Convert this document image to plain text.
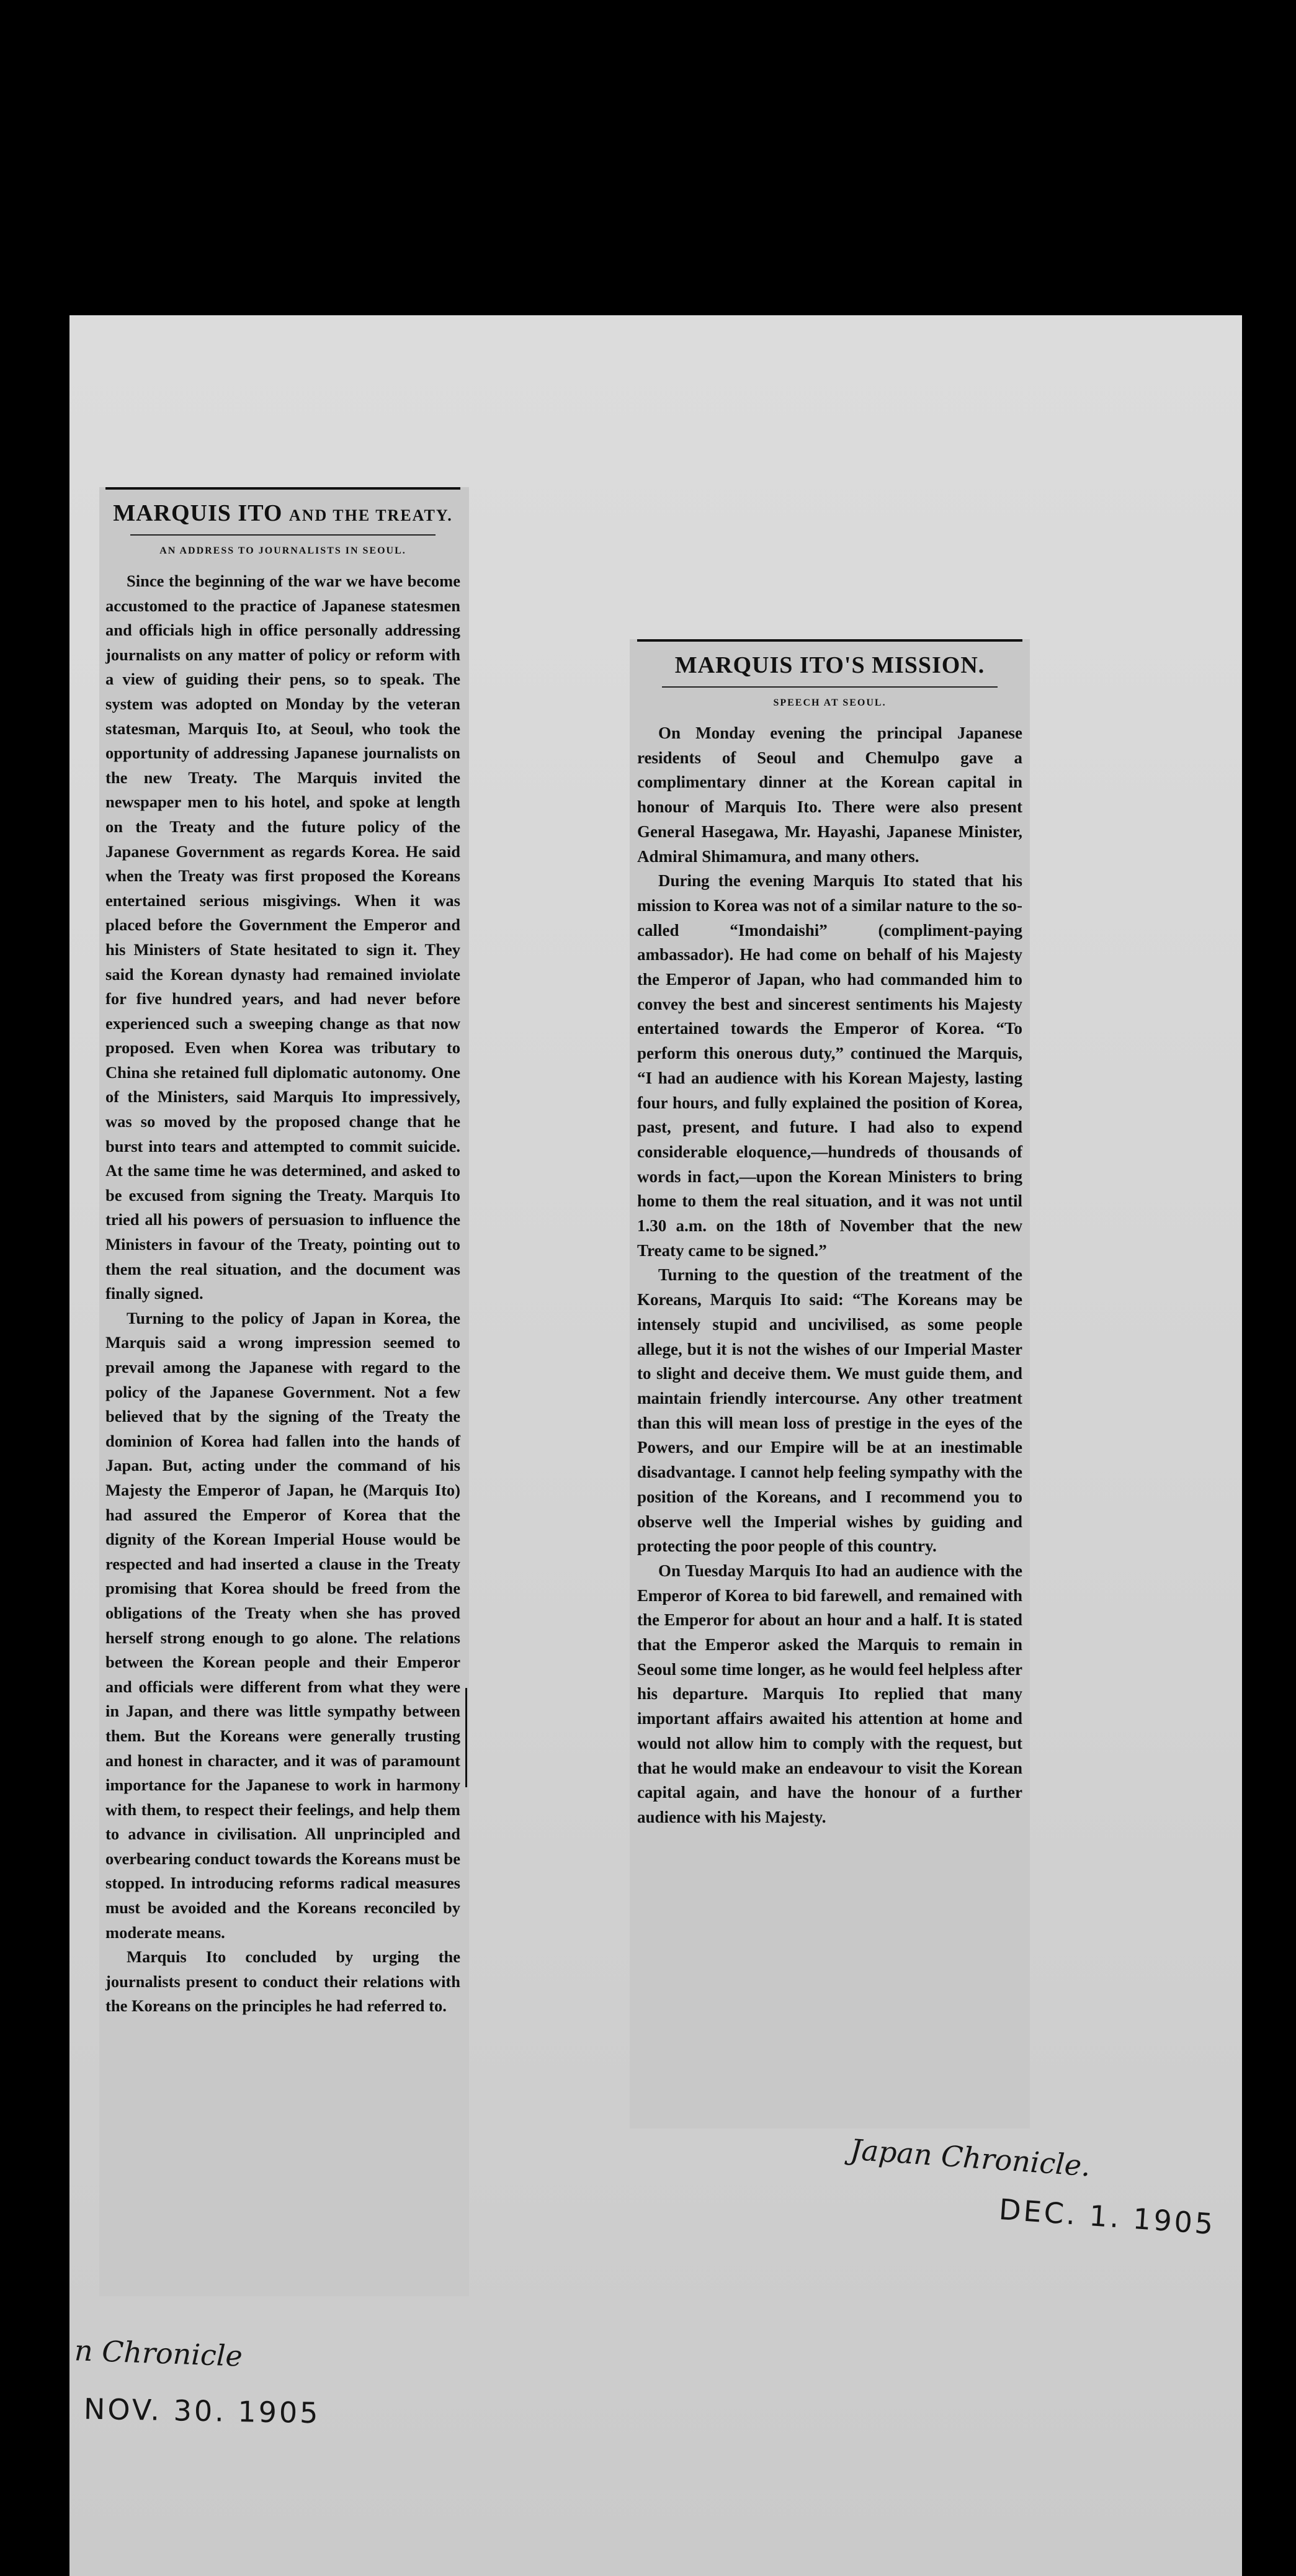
MARQUIS ITO AND THE TREATY.
AN ADDRESS TO JOURNALISTS IN SEOUL.

Since the beginning of the war we have become accustomed to the practice of Japanese statesmen and officials high in office personally addressing journalists on any matter of policy or reform with a view of guiding their pens, so to speak. The system was adopted on Monday by the veteran statesman, Marquis Ito, at Seoul, who took the opportunity of addressing Japanese journalists on the new Treaty. The Marquis invited the newspaper men to his hotel, and spoke at length on the Treaty and the future policy of the Japanese Government as regards Korea. He said when the Treaty was first proposed the Koreans entertained serious misgivings. When it was placed before the Government the Emperor and his Ministers of State hesitated to sign it. They said the Korean dynasty had remained inviolate for five hundred years, and had never before experienced such a sweeping change as that now proposed. Even when Korea was tributary to China she retained full diplomatic autonomy. One of the Ministers, said Marquis Ito impressively, was so moved by the proposed change that he burst into tears and attempted to commit suicide. At the same time he was determined, and asked to be excused from signing the Treaty. Marquis Ito tried all his powers of persuasion to influence the Ministers in favour of the Treaty, pointing out to them the real situation, and the document was finally signed.

Turning to the policy of Japan in Korea, the Marquis said a wrong impression seemed to prevail among the Japanese with regard to the policy of the Japanese Government. Not a few believed that by the signing of the Treaty the dominion of Korea had fallen into the hands of Japan. But, acting under the command of his Majesty the Emperor of Japan, he (Marquis Ito) had assured the Emperor of Korea that the dignity of the Korean Imperial House would be respected and had inserted a clause in the Treaty promising that Korea should be freed from the obligations of the Treaty when she has proved herself strong enough to go alone. The relations between the Korean people and their Emperor and officials were different from what they were in Japan, and there was little sympathy between them. But the Koreans were generally trusting and honest in character, and it was of paramount importance for the Japanese to work in harmony with them, to respect their feelings, and help them to advance in civilisation. All unprincipled and overbearing conduct towards the Koreans must be stopped. In introducing reforms radical measures must be avoided and the Koreans reconciled by moderate means.

Marquis Ito concluded by urging the journalists present to conduct their relations with the Koreans on the principles he had referred to.

MARQUIS ITO'S MISSION.
SPEECH AT SEOUL.

On Monday evening the principal Japanese residents of Seoul and Chemulpo gave a complimentary dinner at the Korean capital in honour of Marquis Ito. There were also present General Hasegawa, Mr. Hayashi, Japanese Minister, Admiral Shimamura, and many others.

During the evening Marquis Ito stated that his mission to Korea was not of a similar nature to the so-called “Imondaishi” (compliment-paying ambassador). He had come on behalf of his Majesty the Emperor of Japan, who had commanded him to convey the best and sincerest sentiments his Majesty entertained towards the Emperor of Korea. “To perform this onerous duty,” continued the Marquis, “I had an audience with his Korean Majesty, lasting four hours, and fully explained the position of Korea, past, present, and future. I had also to expend considerable eloquence,—hundreds of thousands of words in fact,—upon the Korean Ministers to bring home to them the real situation, and it was not until 1.30 a.m. on the 18th of November that the new Treaty came to be signed.”

Turning to the question of the treatment of the Koreans, Marquis Ito said: “The Koreans may be intensely stupid and uncivilised, as some people allege, but it is not the wishes of our Imperial Master to slight and deceive them. We must guide them, and maintain friendly intercourse. Any other treatment than this will mean loss of prestige in the eyes of the Powers, and our Empire will be at an inestimable disadvantage. I cannot help feeling sympathy with the position of the Koreans, and I recommend you to observe well the Imperial wishes by guiding and protecting the poor people of this country.

On Tuesday Marquis Ito had an audience with the Emperor of Korea to bid farewell, and remained with the Emperor for about an hour and a half. It is stated that the Emperor asked the Marquis to remain in Seoul some time longer, as he would feel helpless after his departure. Marquis Ito replied that many important affairs awaited his attention at home and would not allow him to comply with the request, but that he would make an endeavour to visit the Korean capital again, and have the honour of a further audience with his Majesty.

Japan Chronicle.
DEC. 1. 1905
n Chronicle
NOV. 30. 1905
